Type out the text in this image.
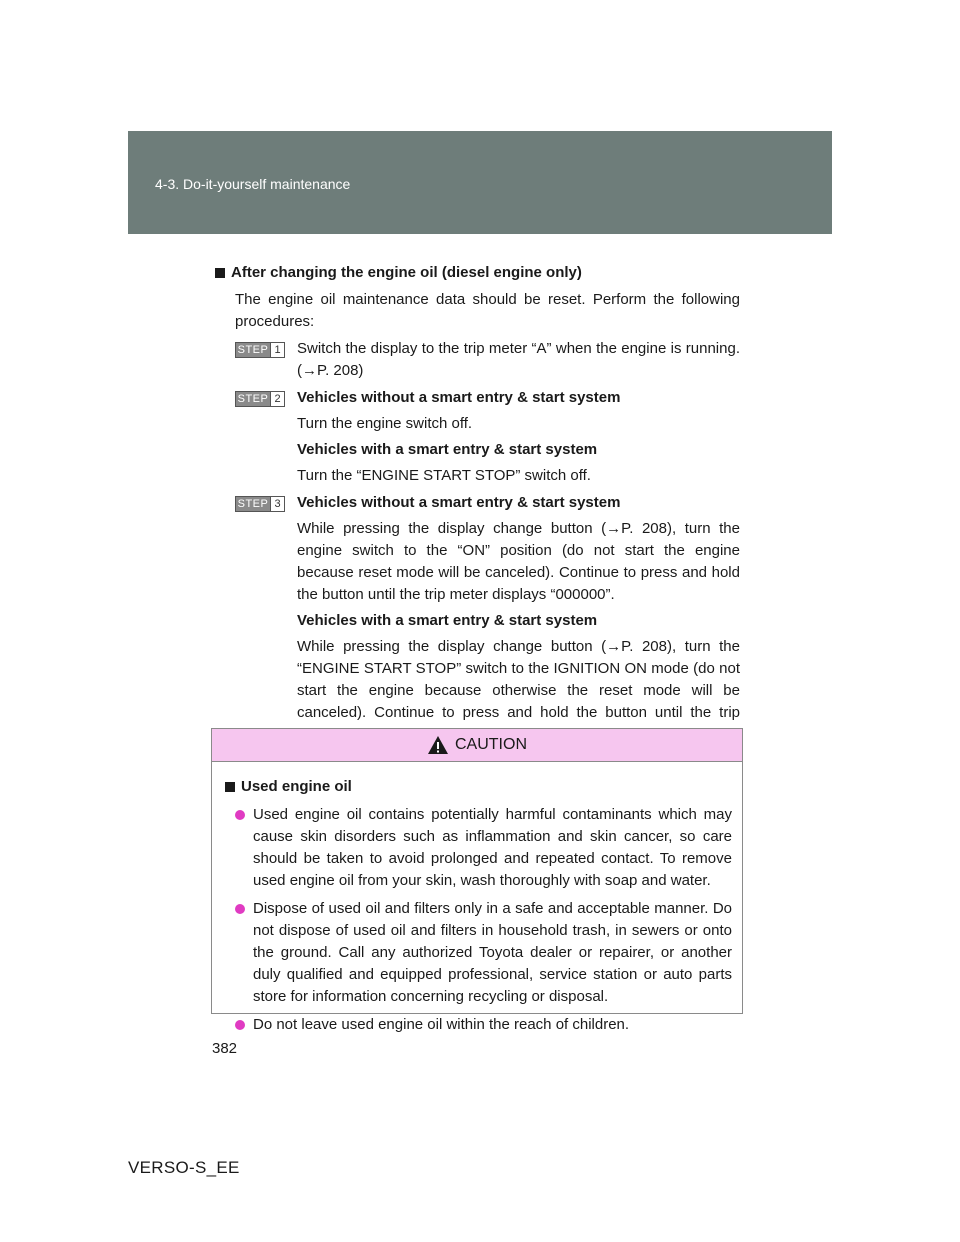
4-3. Do-it-yourself maintenance
After changing the engine oil (diesel engine only)
The engine oil maintenance data should be reset. Perform the following procedures:
STEP 1 Switch the display to the trip meter “A” when the engine is running. (→P. 208)
STEP 2 Vehicles without a smart entry & start system
Turn the engine switch off.
Vehicles with a smart entry & start system
Turn the “ENGINE START STOP” switch off.
STEP 3 Vehicles without a smart entry & start system
While pressing the display change button (→P. 208), turn the engine switch to the “ON” position (do not start the engine because reset mode will be canceled). Continue to press and hold the button until the trip meter displays “000000”.
Vehicles with a smart entry & start system
While pressing the display change button (→P. 208), turn the “ENGINE START STOP” switch to the IGNITION ON mode (do not start the engine because otherwise the reset mode will be canceled). Continue to press and hold the button until the trip
CAUTION
Used engine oil
Used engine oil contains potentially harmful contaminants which may cause skin disorders such as inflammation and skin cancer, so care should be taken to avoid prolonged and repeated contact. To remove used engine oil from your skin, wash thoroughly with soap and water.
Dispose of used oil and filters only in a safe and acceptable manner. Do not dispose of used oil and filters in household trash, in sewers or onto the ground. Call any authorized Toyota dealer or repairer, or another duly qualified and equipped professional, service station or auto parts store for information concerning recycling or disposal.
Do not leave used engine oil within the reach of children.
382
VERSO-S_EE
